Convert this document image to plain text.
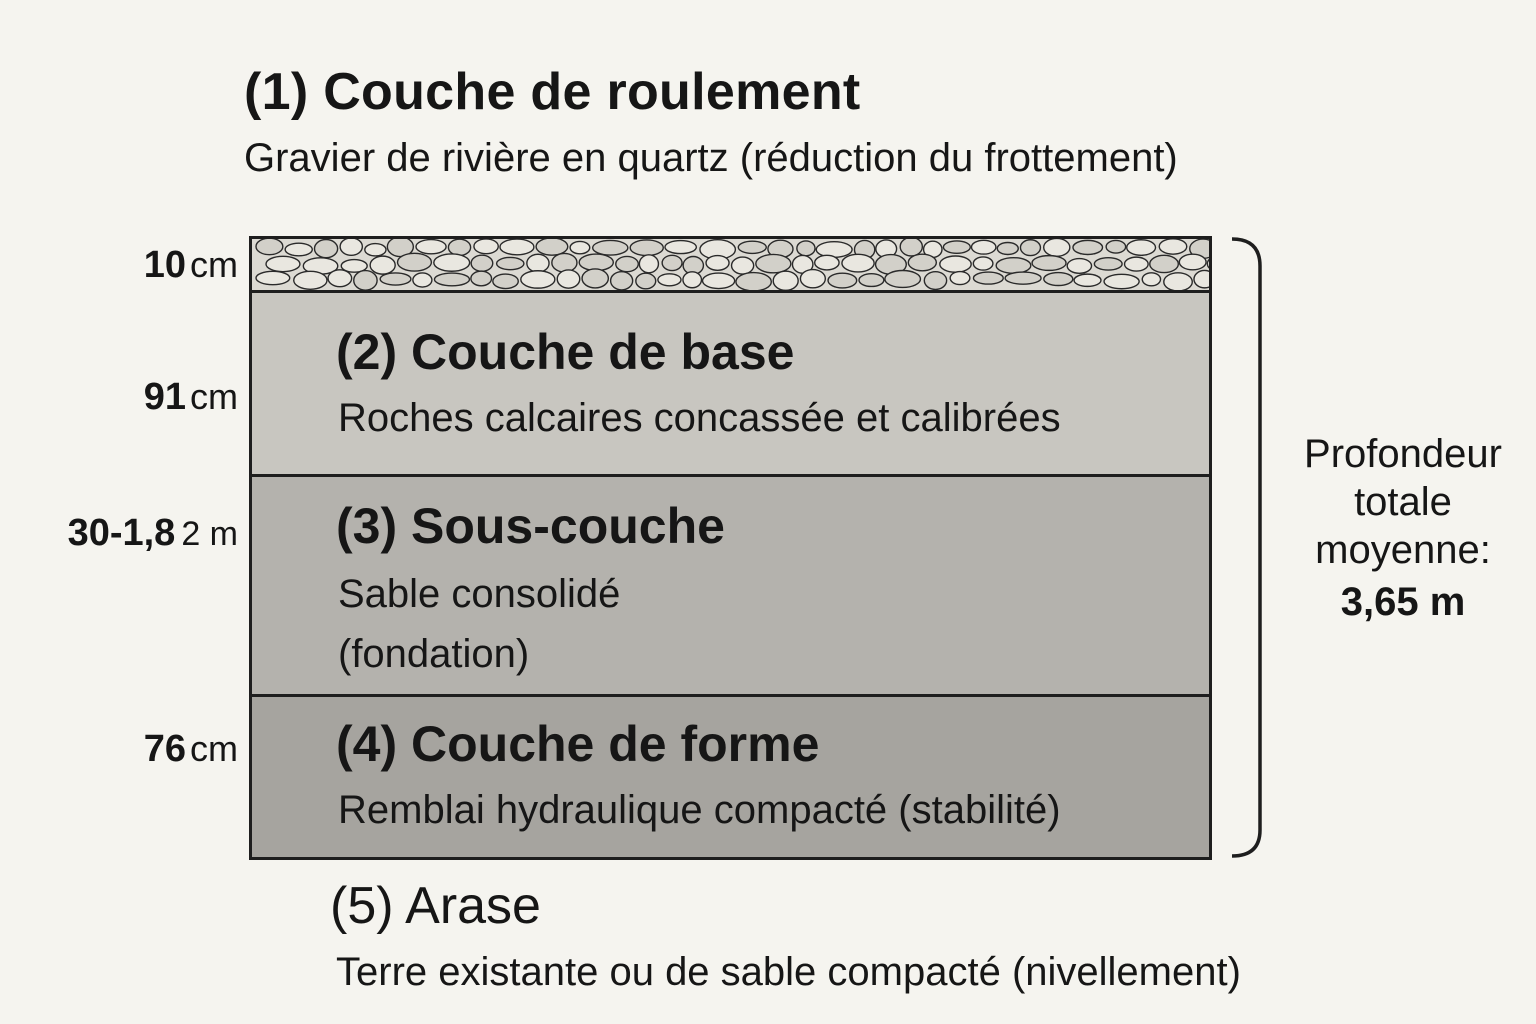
(1) Couche de roulement
Gravier de rivière en quartz (réduction du frottement)
10 cm
91 cm
30-1,8 2 m
76 cm
(2) Couche de base
Roches calcaires concassée et calibrées
(3) Sous-couche
Sable consolidé
(fondation)
(4) Couche de forme
Remblai hydraulique compacté (stabilité)
Profondeur
totale
moyenne:
3,65 m
(5) Arase
Terre existante ou de sable compacté (nivellement)
